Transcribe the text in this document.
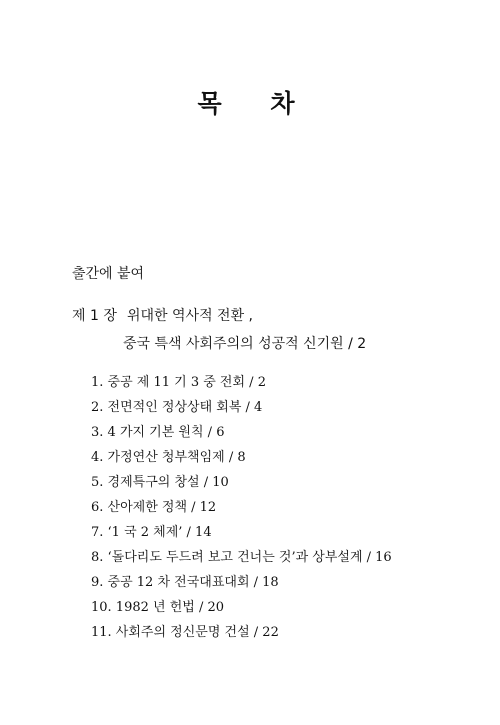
목 차
출간에 붙여
제 1 장 위대한 역사적 전환 ,
중국 특색 사회주의의 성공적 신기원 / 2
1. 중공 제 11 기 3 중 전회 / 2
2. 전면적인 정상상태 회복 / 4
3. 4 가지 기본 원칙 / 6
4. 가정연산 청부책임제 / 8
5. 경제특구의 창설 / 10
6. 산아제한 정책 / 12
7. ‘1 국 2 체제’ / 14
8. ‘돌다리도 두드려 보고 건너는 것’과 상부설계 / 16
9. 중공 12 차 전국대표대회 / 18
10. 1982 년 헌법 / 20
11. 사회주의 정신문명 건설 / 22
